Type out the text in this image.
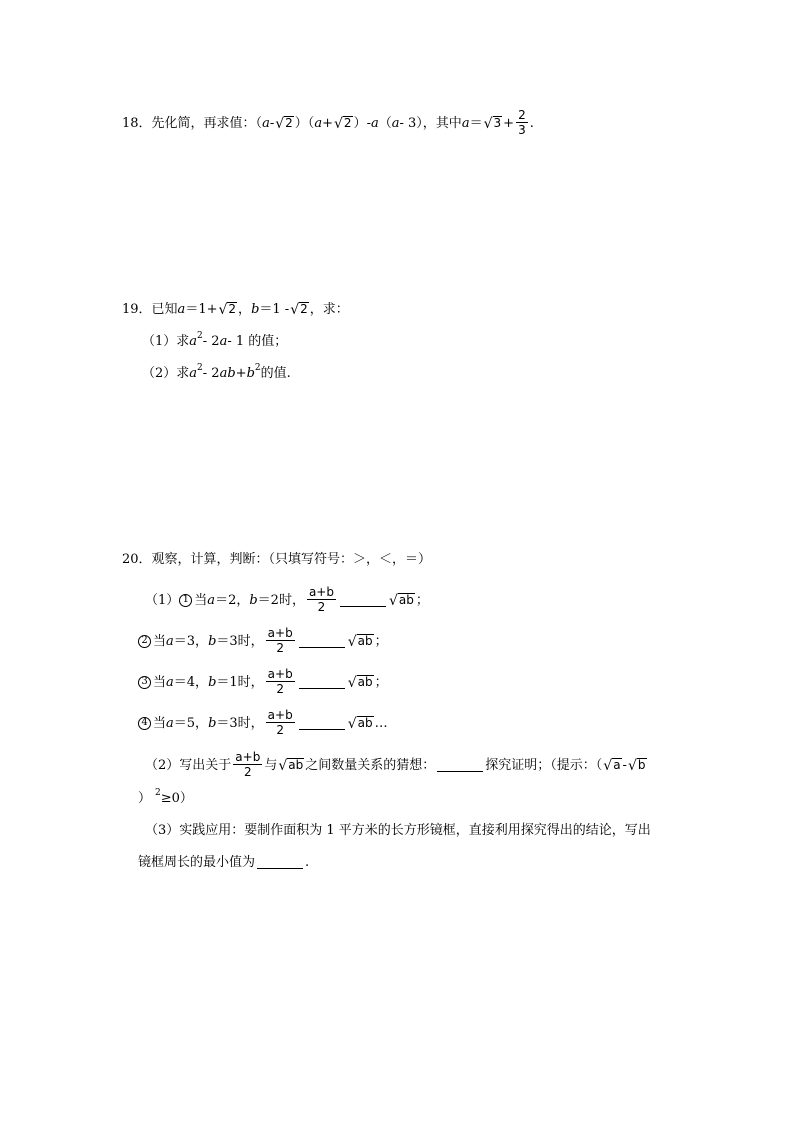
18． 先化简，再求值：（ a - √ 2 ）（ a + √ 2 ） - a （ a - 3），其中 a ＝ √ $3 + \frac{2}{3}$ .
19．已知 a ＝1+ √ 2 ， b ＝1 - √ 2 ，求：
（1）求 a 2 - 2 a - 1 的值；
（2）求 a 2 - 2 ab + b 2 的值.
20．观察，计算，判断：（只填写符号：＞，＜，＝）
（1） 1 当 a ＝2， b ＝2时， $\frac{a+b}{2}$	√ ab ；
2 当 a ＝3， b ＝3时， $\frac{a+b}{2}$	√ ab ；
3 当 a ＝4， b ＝1时， $\frac{a+b}{2}$	√ ab ；
4 当 a ＝5， b ＝3时， $\frac{a+b}{2}$	√ ab …
（2）写出关于 $\frac{a+b}{2}$ 与 √ ab 之间数量关系的猜想：	探究证明；（提示：（ √ a - √ b
） 2 ≥0）
（3）实践应用：要制作面积为 1 平方米的长方形镜框，直接利用探究得出的结论，写出
镜框周长的最小值为	.
